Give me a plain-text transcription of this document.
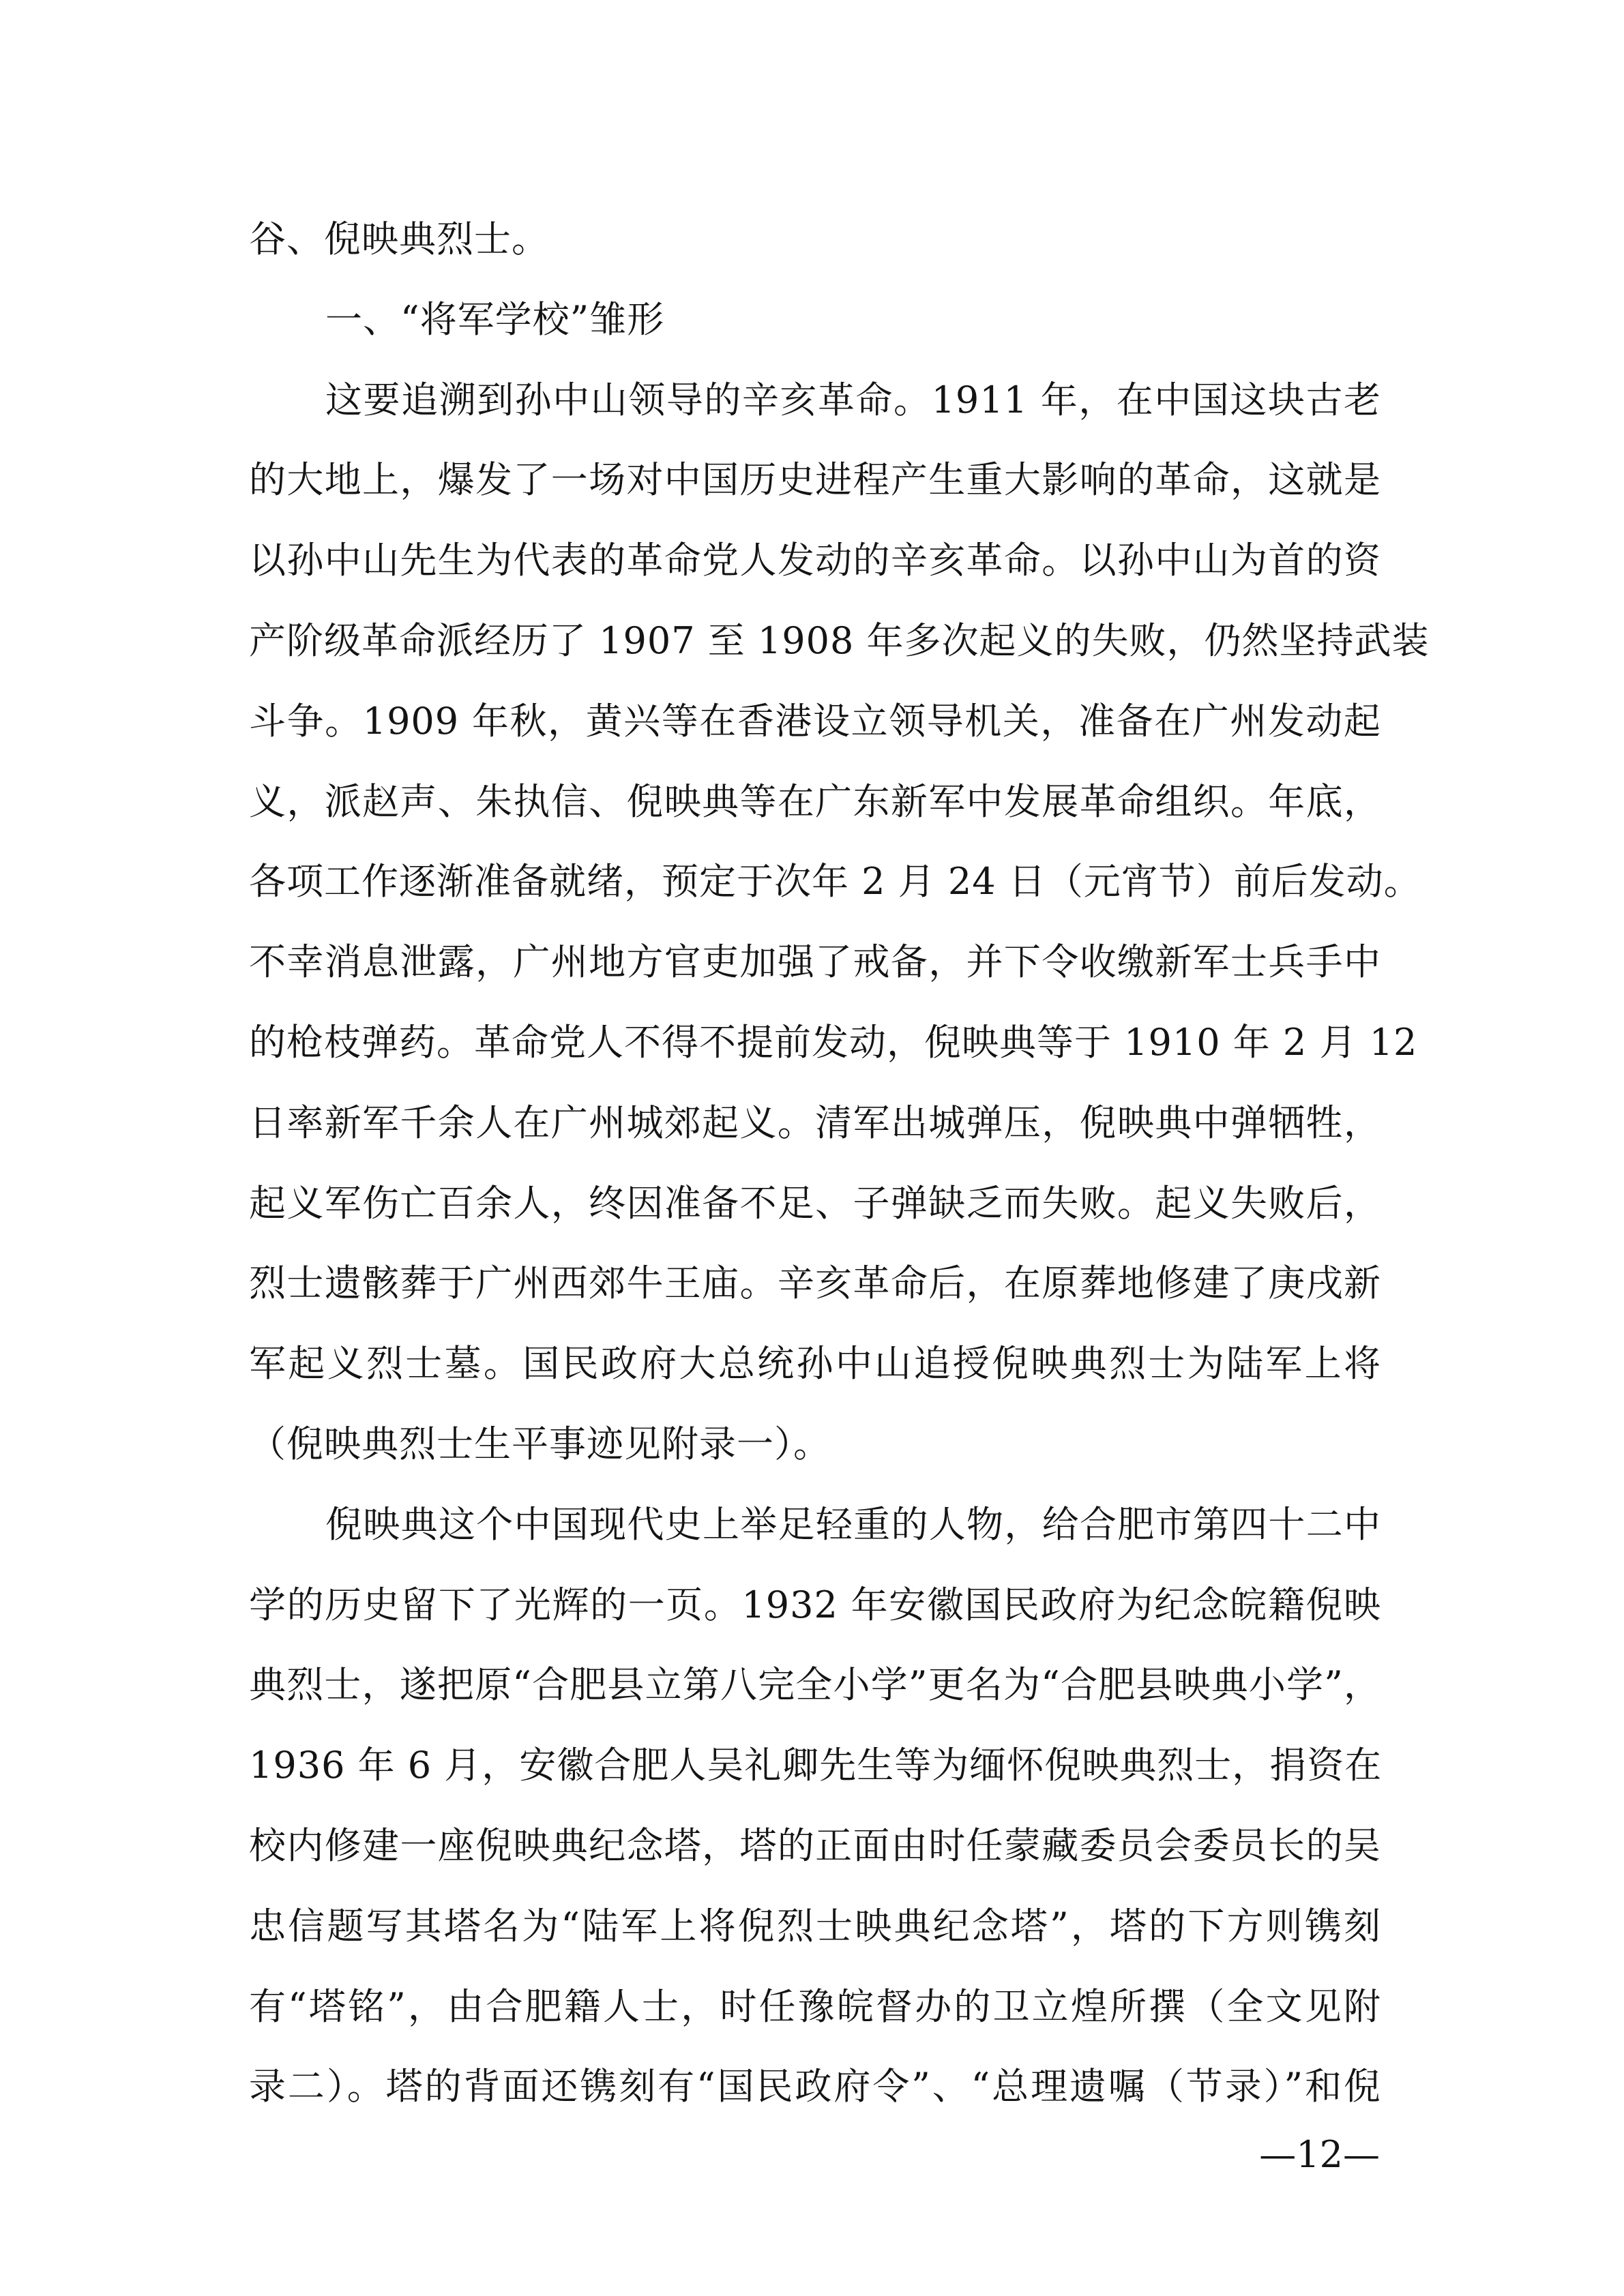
谷、倪映典烈士。
一、“将军学校”雏形
这要追溯到孙中山领导的辛亥革命。1911 年，在中国这块古老
的大地上，爆发了一场对中国历史进程产生重大影响的革命，这就是
以孙中山先生为代表的革命党人发动的辛亥革命。以孙中山为首的资
产阶级革命派经历了 1907 至 1908 年多次起义的失败，仍然坚持武装
斗争。1909 年秋，黄兴等在香港设立领导机关，准备在广州发动起
义，派赵声、朱执信、倪映典等在广东新军中发展革命组织。年底，
各项工作逐渐准备就绪，预定于次年 2 月 24 日（元宵节）前后发动。
不幸消息泄露，广州地方官吏加强了戒备，并下令收缴新军士兵手中
的枪枝弹药。革命党人不得不提前发动，倪映典等于 1910 年 2 月 12
日率新军千余人在广州城郊起义。清军出城弹压，倪映典中弹牺牲，
起义军伤亡百余人，终因准备不足、子弹缺乏而失败。起义失败后，
烈士遗骸葬于广州西郊牛王庙。辛亥革命后，在原葬地修建了庚戌新
军起义烈士墓。国民政府大总统孙中山追授倪映典烈士为陆军上将
（倪映典烈士生平事迹见附录一）。
倪映典这个中国现代史上举足轻重的人物，给合肥市第四十二中
学的历史留下了光辉的一页。1932 年安徽国民政府为纪念皖籍倪映
典烈士，遂把原“合肥县立第八完全小学”更名为“合肥县映典小学”，
1936 年 6 月，安徽合肥人吴礼卿先生等为缅怀倪映典烈士，捐资在
校内修建一座倪映典纪念塔，塔的正面由时任蒙藏委员会委员长的吴
忠信题写其塔名为“陆军上将倪烈士映典纪念塔”，塔的下方则镌刻
有“塔铭”，由合肥籍人士，时任豫皖督办的卫立煌所撰（全文见附
录二）。塔的背面还镌刻有“国民政府令”、“总理遗嘱（节录）”和倪
—12—
